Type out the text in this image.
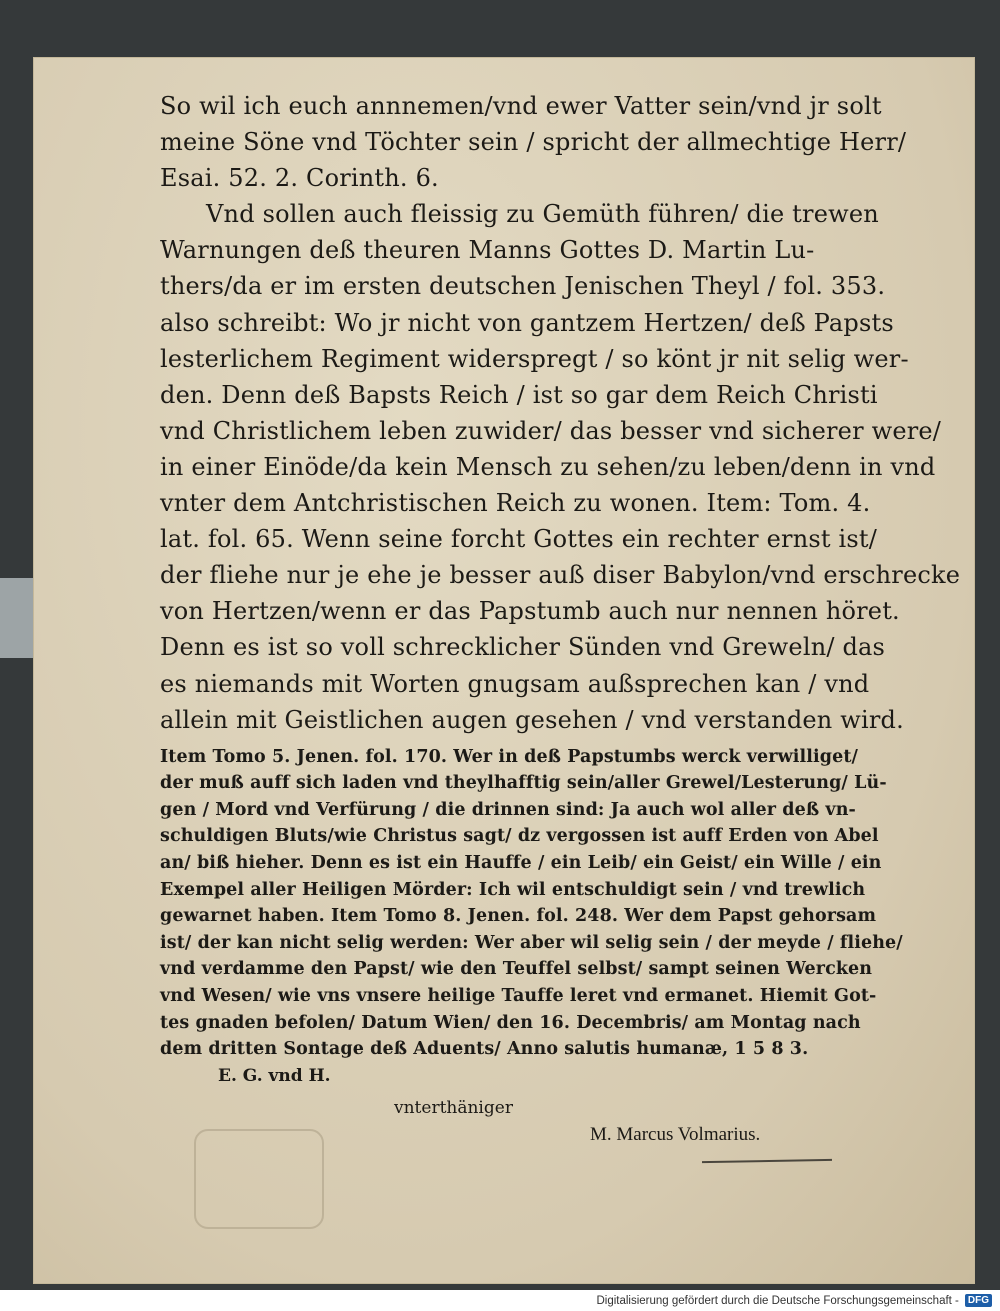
So wil ich euch annnemen/vnd ewer Vatter sein/vnd jr solt

meine Söne vnd Töchter sein / spricht der allmechtige Herr/

Esai. 52. 2. Corinth. 6.

Vnd sollen auch fleissig zu Gemüth führen/ die trewen

Warnungen deß theuren Manns Gottes D. Martin Lu-

thers/da er im ersten deutschen Jenischen Theyl / fol. 353.

also schreibt: Wo jr nicht von gantzem Hertzen/ deß Papsts

lesterlichem Regiment widerspregt / so könt jr nit selig wer-

den. Denn deß Bapsts Reich / ist so gar dem Reich Christi

vnd Christlichem leben zuwider/ das besser vnd sicherer were/

in einer Einöde/da kein Mensch zu sehen/zu leben/denn in vnd

vnter dem Antchristischen Reich zu wonen. Item: Tom. 4.

lat. fol. 65. Wenn seine forcht Gottes ein rechter ernst ist/

der fliehe nur je ehe je besser auß diser Babylon/vnd erschrecke

von Hertzen/wenn er das Papstumb auch nur nennen höret.

Denn es ist so voll schrecklicher Sünden vnd Greweln/ das

es niemands mit Worten gnugsam außsprechen kan / vnd

allein mit Geistlichen augen gesehen / vnd verstanden wird.

Item Tomo 5. Jenen. fol. 170. Wer in deß Papstumbs werck verwilliget/

der muß auff sich laden vnd theylhafftig sein/aller Grewel/Lesterung/ Lü-

gen / Mord vnd Verfürung / die drinnen sind: Ja auch wol aller deß vn-

schuldigen Bluts/wie Christus sagt/ dz vergossen ist auff Erden von Abel

an/ biß hieher. Denn es ist ein Hauffe / ein Leib/ ein Geist/ ein Wille / ein

Exempel aller Heiligen Mörder: Ich wil entschuldigt sein / vnd trewlich

gewarnet haben. Item Tomo 8. Jenen. fol. 248. Wer dem Papst gehorsam

ist/ der kan nicht selig werden: Wer aber wil selig sein / der meyde / fliehe/

vnd verdamme den Papst/ wie den Teuffel selbst/ sampt seinen Wercken

vnd Wesen/ wie vns vnsere heilige Tauffe leret vnd ermanet. Hiemit Got-

tes gnaden befolen/ Datum Wien/ den 16. Decembris/ am Montag nach

dem dritten Sontage deß Aduents/ Anno salutis humanæ, 1 5 8 3.

E. G. vnd H.
vnterthäniger
M. Marcus Volmarius.
Digitalisierung gefördert durch die Deutsche Forschungsgemeinschaft - DFG
